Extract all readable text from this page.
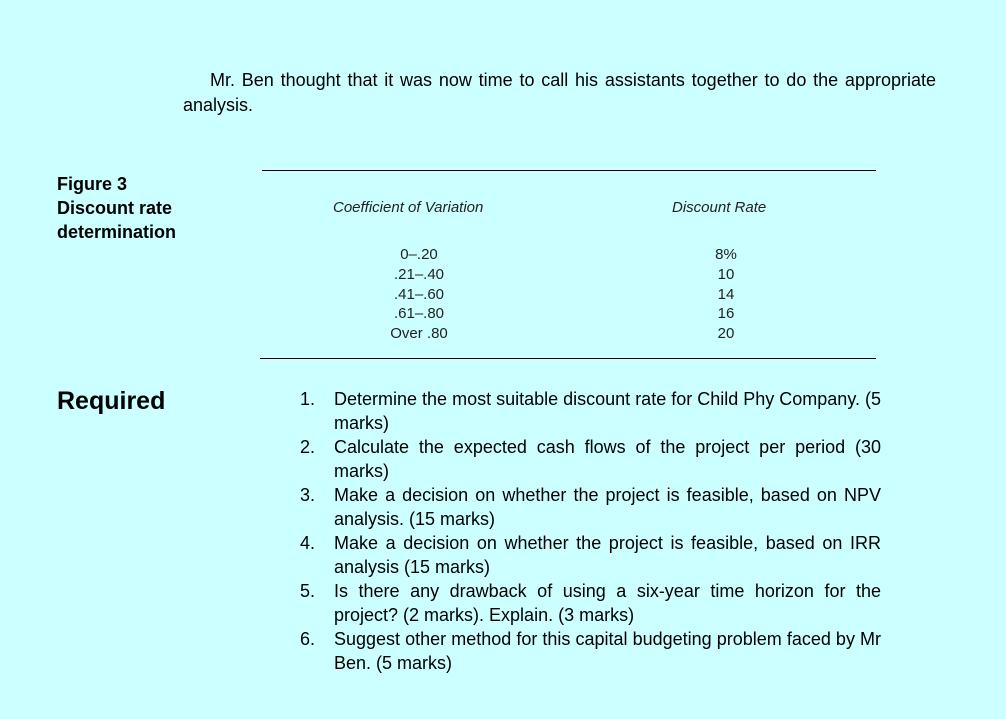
Mr. Ben thought that it was now time to call his assistants together to do the appropriate analysis.

Figure 3
Discount rate
determination
Coefficient of Variation	Discount Rate
0–.20
.21–.40
.41–.60
.61–.80
Over .80
8%
10
14
16
20
Required	1. Determine the most suitable discount rate for Child Phy Company. (5 marks)
2. Calculate the expected cash flows of the project per period (30 marks)
3. Make a decision on whether the project is feasible, based on NPV analysis. (15 marks)
4. Make a decision on whether the project is feasible, based on IRR analysis (15 marks)
5. Is there any drawback of using a six-year time horizon for the project? (2 marks). Explain. (3 marks)
6. Suggest other method for this capital budgeting problem faced by Mr Ben. (5 marks)
